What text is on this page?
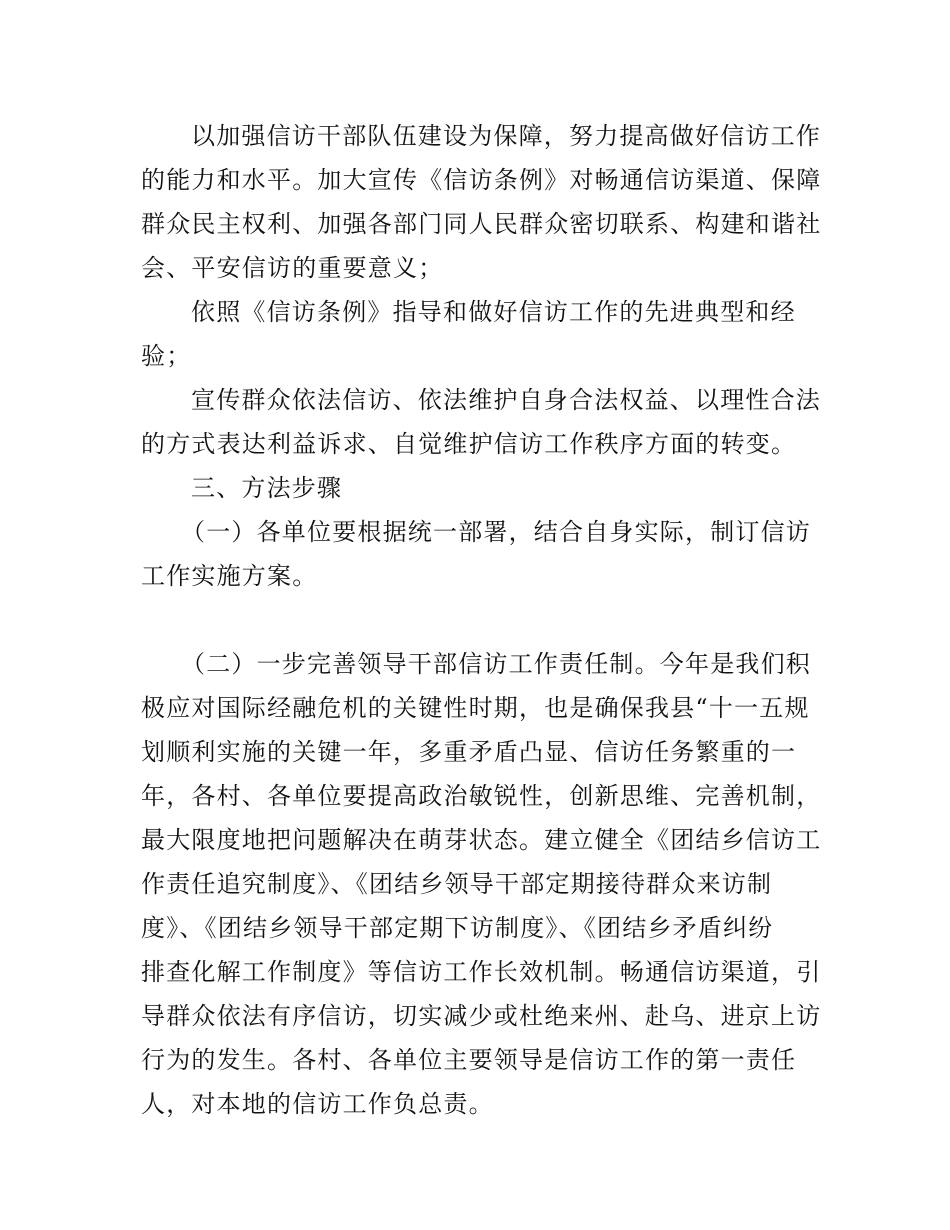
以加强信访干部队伍建设为保障，努力提高做好信访工作
的能力和水平。加大宣传《信访条例》对畅通信访渠道、保障
群众民主权利、加强各部门同人民群众密切联系、构建和谐社
会、平安信访的重要意义；
依照《信访条例》指导和做好信访工作的先进典型和经
验；
宣传群众依法信访、依法维护自身合法权益、以理性合法
的方式表达利益诉求、自觉维护信访工作秩序方面的转变。
三、方法步骤
（一）各单位要根据统一部署，结合自身实际，制订信访
工作实施方案。
（二）一步完善领导干部信访工作责任制。今年是我们积
极应对国际经融危机的关键性时期，也是确保我县“十一五规
划顺利实施的关键一年，多重矛盾凸显、信访任务繁重的一
年，各村、各单位要提高政治敏锐性，创新思维、完善机制，
最大限度地把问题解决在萌芽状态。建立健全《团结乡信访工
作责任追究制度》、《团结乡领导干部定期接待群众来访制
度》、《团结乡领导干部定期下访制度》、《团结乡矛盾纠纷
排查化解工作制度》等信访工作长效机制。畅通信访渠道，引
导群众依法有序信访，切实减少或杜绝来州、赴乌、进京上访
行为的发生。各村、各单位主要领导是信访工作的第一责任
人，对本地的信访工作负总责。
